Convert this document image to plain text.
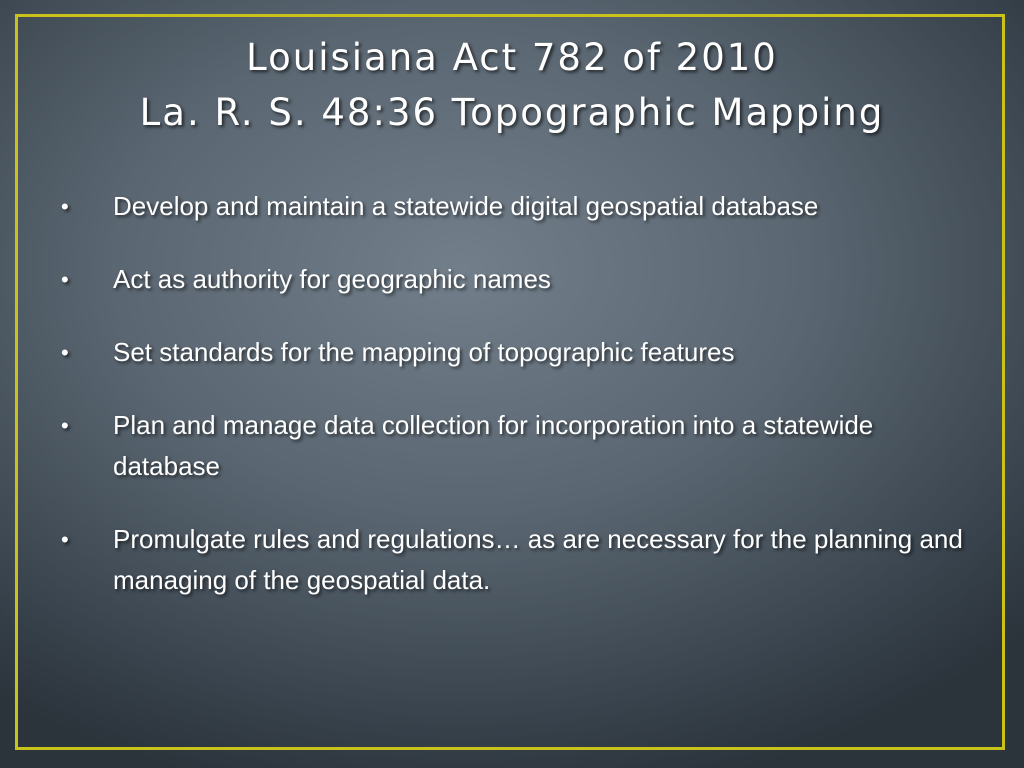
Louisiana Act 782 of 2010
La. R. S. 48:36 Topographic Mapping
• Develop and maintain a statewide digital geospatial database
• Act as authority for geographic names
• Set standards for the mapping of topographic features
• Plan and manage data collection for incorporation into a statewide database
• Promulgate rules and regulations… as are necessary for the planning and managing of the geospatial data.
